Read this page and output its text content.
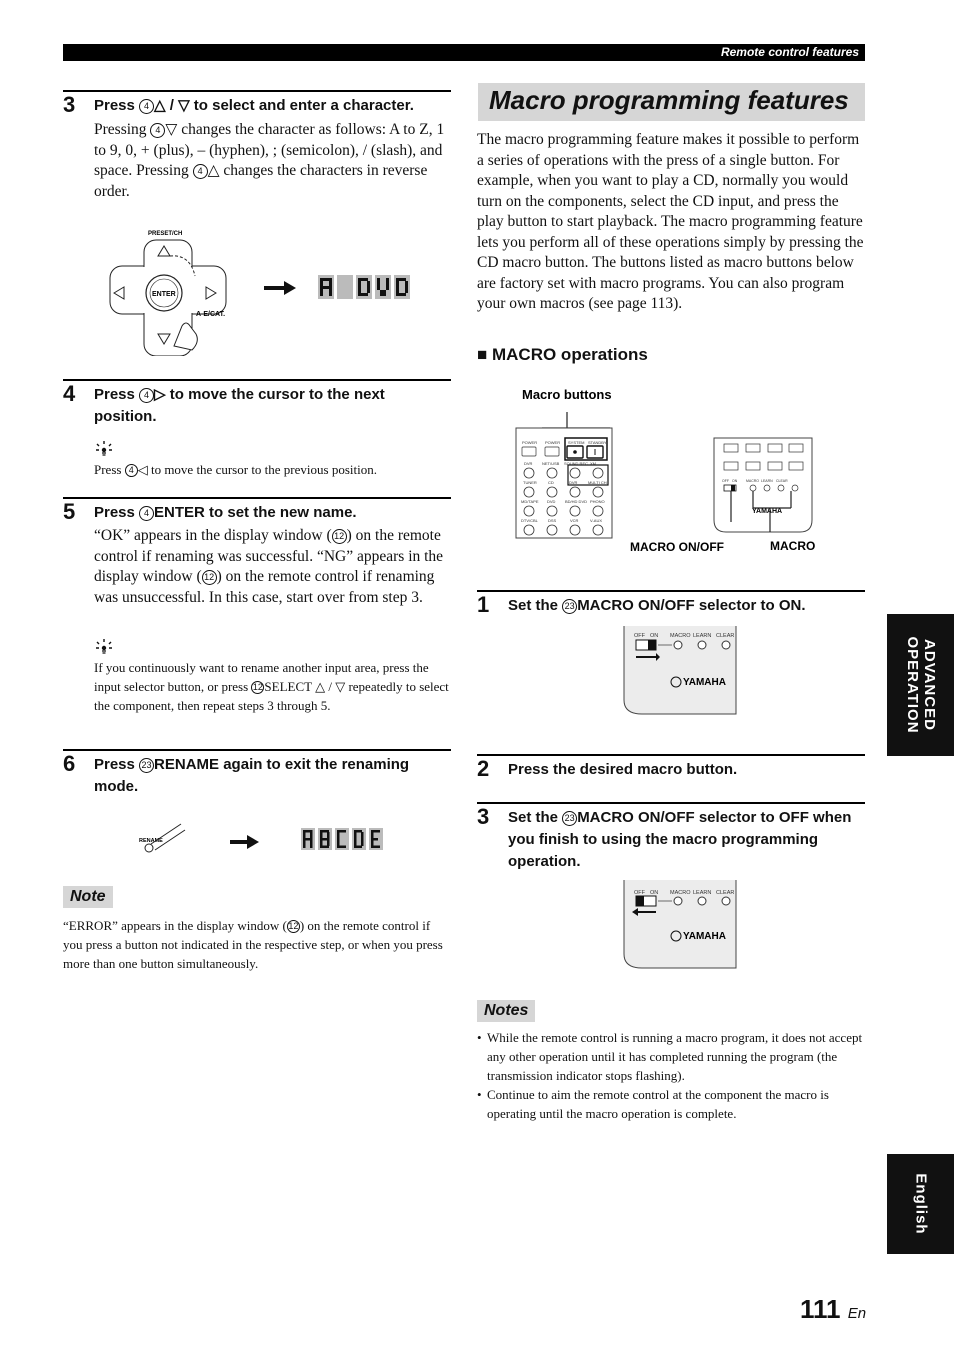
Remote control features
ADVANCED OPERATION
English
3 Press 4 △ / ▽ to select and enter a character.
Pressing 4 ▽ changes the character as follows: A to Z, 1 to 9, 0, + (plus), – (hyphen), ; (semicolon), / (slash), and space. Pressing 4 △ changes the characters in reverse order.
PRESET/CH
ENTER
A-E/CAT.
4 Press 4 ▷ to move the cursor to the next position.
Press 4 ◁ to move the cursor to the previous position.
5 Press 4 ENTER to set the new name.
“OK” appears in the display window ( 12 ) on the remote control if renaming was successful. “NG” appears in the display window ( 12 ) on the remote control if renaming was unsuccessful. In this case, start over from step 3.
If you continuously want to rename another input area, press the input selector button, or press 12 SELECT △ / ▽ repeatedly to select the component, then repeat steps 3 through 5.
6 Press 23 RENAME again to exit the renaming mode.
RENAME
Note
“ERROR” appears in the display window (12 ) on the remote control if you press a button not indicated in the respective step, or when you press more than one button simultaneously.
Macro programming features
The macro programming feature makes it possible to perform a series of operations with the press of a single button. For example, when you want to play a CD, normally you would turn on the components, select the CD input, and press the play button to start playback. The macro programming feature lets you perform all of these operations simply by pressing the CD macro button. The buttons listed as macro buttons below are factory set with macro programs. You can also program your own macros (see page 113).
■ MACRO operations
Macro buttons
POWER POWER SYSTEM STANDBY
DVR NET/USB SOUND REC XM
TUNER	CD	DVR	MULTI CH
MD/TAPE DVD BD/HD DVD PHONO
DTV/CBL	DSS	VCR	V-AUX
OFF ON	MACRO LEARN CLEAR
YAMAHA
MACRO ON/OFF	MACRO
1 Set the 23 MACRO ON/OFF selector to ON.
OFF ON MACRO LEARN CLEAR
YAMAHA
2 Press the desired macro button.
3 Set the 23 MACRO ON/OFF selector to OFF when you finish to using the macro programming operation.
OFF ON MACRO LEARN CLEAR
YAMAHA
Notes
• While the remote control is running a macro program, it does not accept any other operation until it has completed running the program (the transmission indicator stops flashing).
• Continue to aim the remote control at the component the macro is operating until the macro operation is complete.
111 En
